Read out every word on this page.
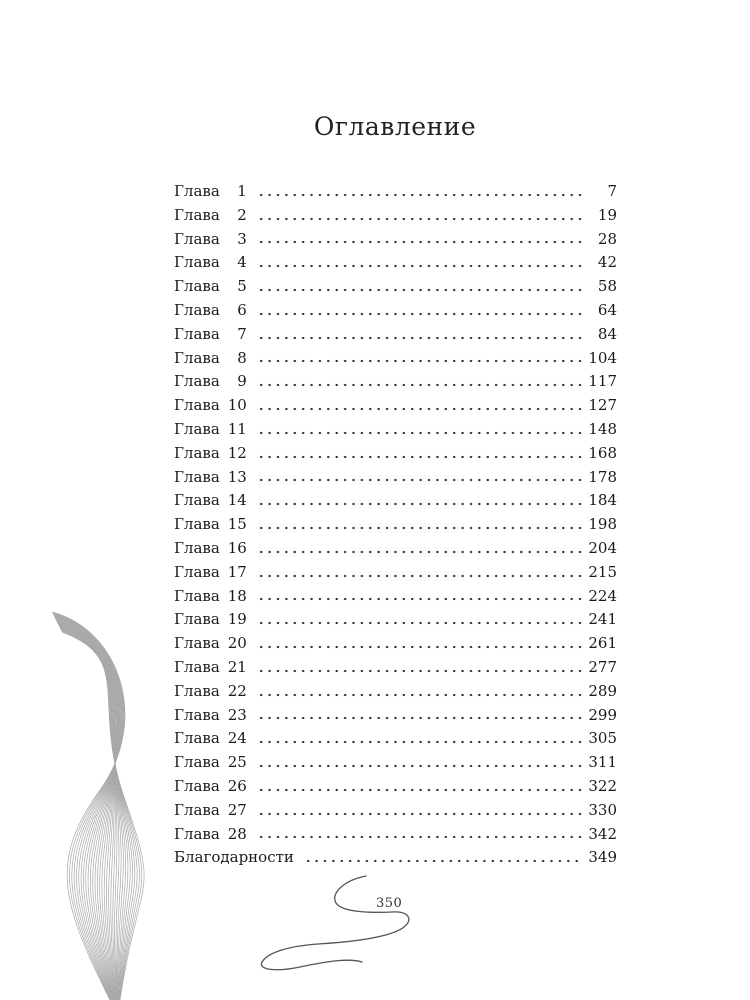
Оглавление
Глава	1	7
Глава	2	19
Глава	3	28
Глава	4	42
Глава	5	58
Глава	6	64
Глава	7	84
Глава	8	104
Глава	9	117
Глава 10	127
Глава 11	148
Глава 12	168
Глава 13	178
Глава 14	184
Глава 15	198
Глава 16	204
Глава 17	215
Глава 18	224
Глава 19	241
Глава 20	261
Глава 21	277
Глава 22	289
Глава 23	299
Глава 24	305
Глава 25	311
Глава 26	322
Глава 27	330
Глава 28	342
Благодарности	349
350
